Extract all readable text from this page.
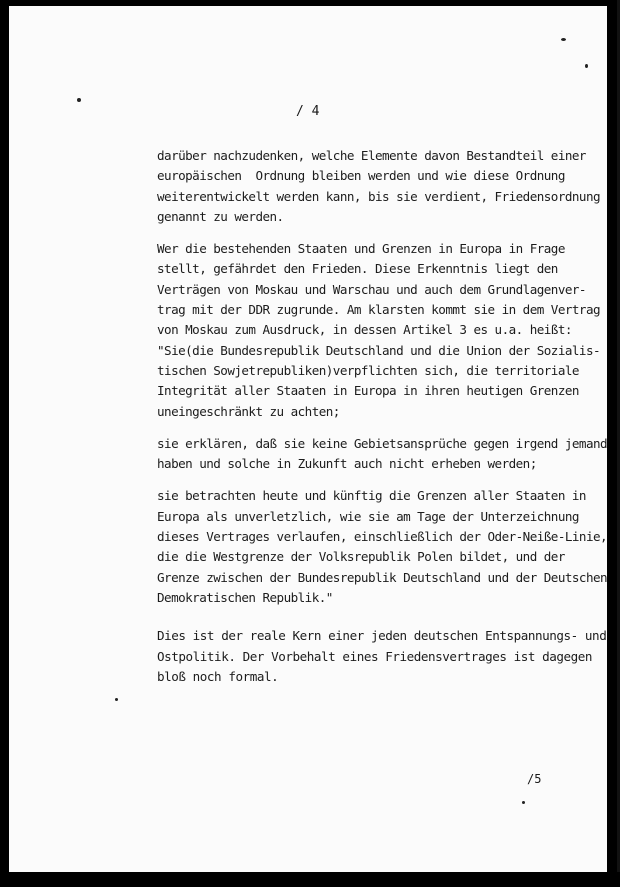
/ 4
darüber nachzudenken, welche Elemente davon Bestandteil einer
europäischen  Ordnung bleiben werden und wie diese Ordnung
weiterentwickelt werden kann, bis sie verdient, Friedensordnung
genannt zu werden.
Wer die bestehenden Staaten und Grenzen in Europa in Frage
stellt, gefährdet den Frieden. Diese Erkenntnis liegt den
Verträgen von Moskau und Warschau und auch dem Grundlagenver-
trag mit der DDR zugrunde. Am klarsten kommt sie in dem Vertrag
von Moskau zum Ausdruck, in dessen Artikel 3 es u.a. heißt:
"Sie(die Bundesrepublik Deutschland und die Union der Sozialis-
tischen Sowjetrepubliken)verpflichten sich, die territoriale
Integrität aller Staaten in Europa in ihren heutigen Grenzen
uneingeschränkt zu achten;
sie erklären, daß sie keine Gebietsansprüche gegen irgend jemand
haben und solche in Zukunft auch nicht erheben werden;
sie betrachten heute und künftig die Grenzen aller Staaten in
Europa als unverletzlich, wie sie am Tage der Unterzeichnung
dieses Vertrages verlaufen, einschließlich der Oder-Neiße-Linie,
die die Westgrenze der Volksrepublik Polen bildet, und der
Grenze zwischen der Bundesrepublik Deutschland und der Deutschen
Demokratischen Republik."
Dies ist der reale Kern einer jeden deutschen Entspannungs- und
Ostpolitik. Der Vorbehalt eines Friedensvertrages ist dagegen
bloß noch formal.
/5
